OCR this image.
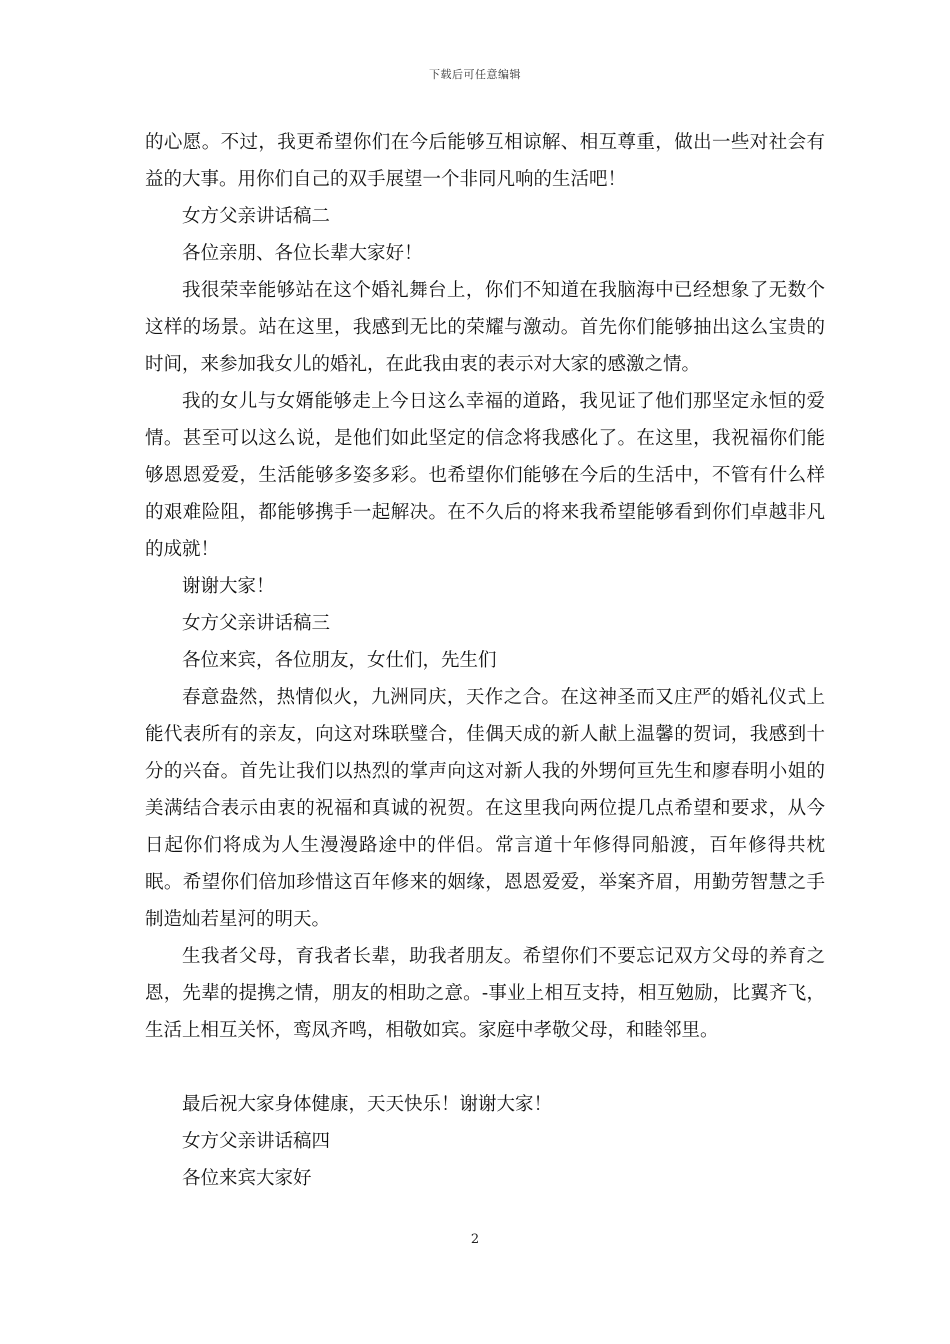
下载后可任意编辑

的心愿。不过，我更希望你们在今后能够互相谅解、相互尊重，做出一些对社会有益的大事。用你们自己的双手展望一个非同凡响的生活吧！

女方父亲讲话稿二

各位亲朋、各位长辈大家好！

我很荣幸能够站在这个婚礼舞台上，你们不知道在我脑海中已经想象了无数个这样的场景。站在这里，我感到无比的荣耀与激动。首先你们能够抽出这么宝贵的时间，来参加我女儿的婚礼，在此我由衷的表示对大家的感激之情。

我的女儿与女婿能够走上今日这么幸福的道路，我见证了他们那坚定永恒的爱情。甚至可以这么说，是他们如此坚定的信念将我感化了。在这里，我祝福你们能够恩恩爱爱，生活能够多姿多彩。也希望你们能够在今后的生活中，不管有什么样的艰难险阻，都能够携手一起解决。在不久后的将来我希望能够看到你们卓越非凡的成就！

谢谢大家！

女方父亲讲话稿三

各位来宾，各位朋友，女仕们，先生们

春意盎然，热情似火，九洲同庆，天作之合。在这神圣而又庄严的婚礼仪式上能代表所有的亲友，向这对珠联璧合，佳偶天成的新人献上温馨的贺词，我感到十分的兴奋。首先让我们以热烈的掌声向这对新人我的外甥何亘先生和廖春明小姐的美满结合表示由衷的祝福和真诚的祝贺。在这里我向两位提几点希望和要求，从今日起你们将成为人生漫漫路途中的伴侣。常言道十年修得同船渡，百年修得共枕眠。希望你们倍加珍惜这百年修来的姻缘，恩恩爱爱，举案齐眉，用勤劳智慧之手制造灿若星河的明天。

生我者父母，育我者长辈，助我者朋友。希望你们不要忘记双方父母的养育之恩，先辈的提携之情，朋友的相助之意。-事业上相互支持，相互勉励，比翼齐飞，生活上相互关怀，鸾凤齐鸣，相敬如宾。家庭中孝敬父母，和睦邻里。

最后祝大家身体健康，天天快乐！谢谢大家！

女方父亲讲话稿四

各位来宾大家好

2
